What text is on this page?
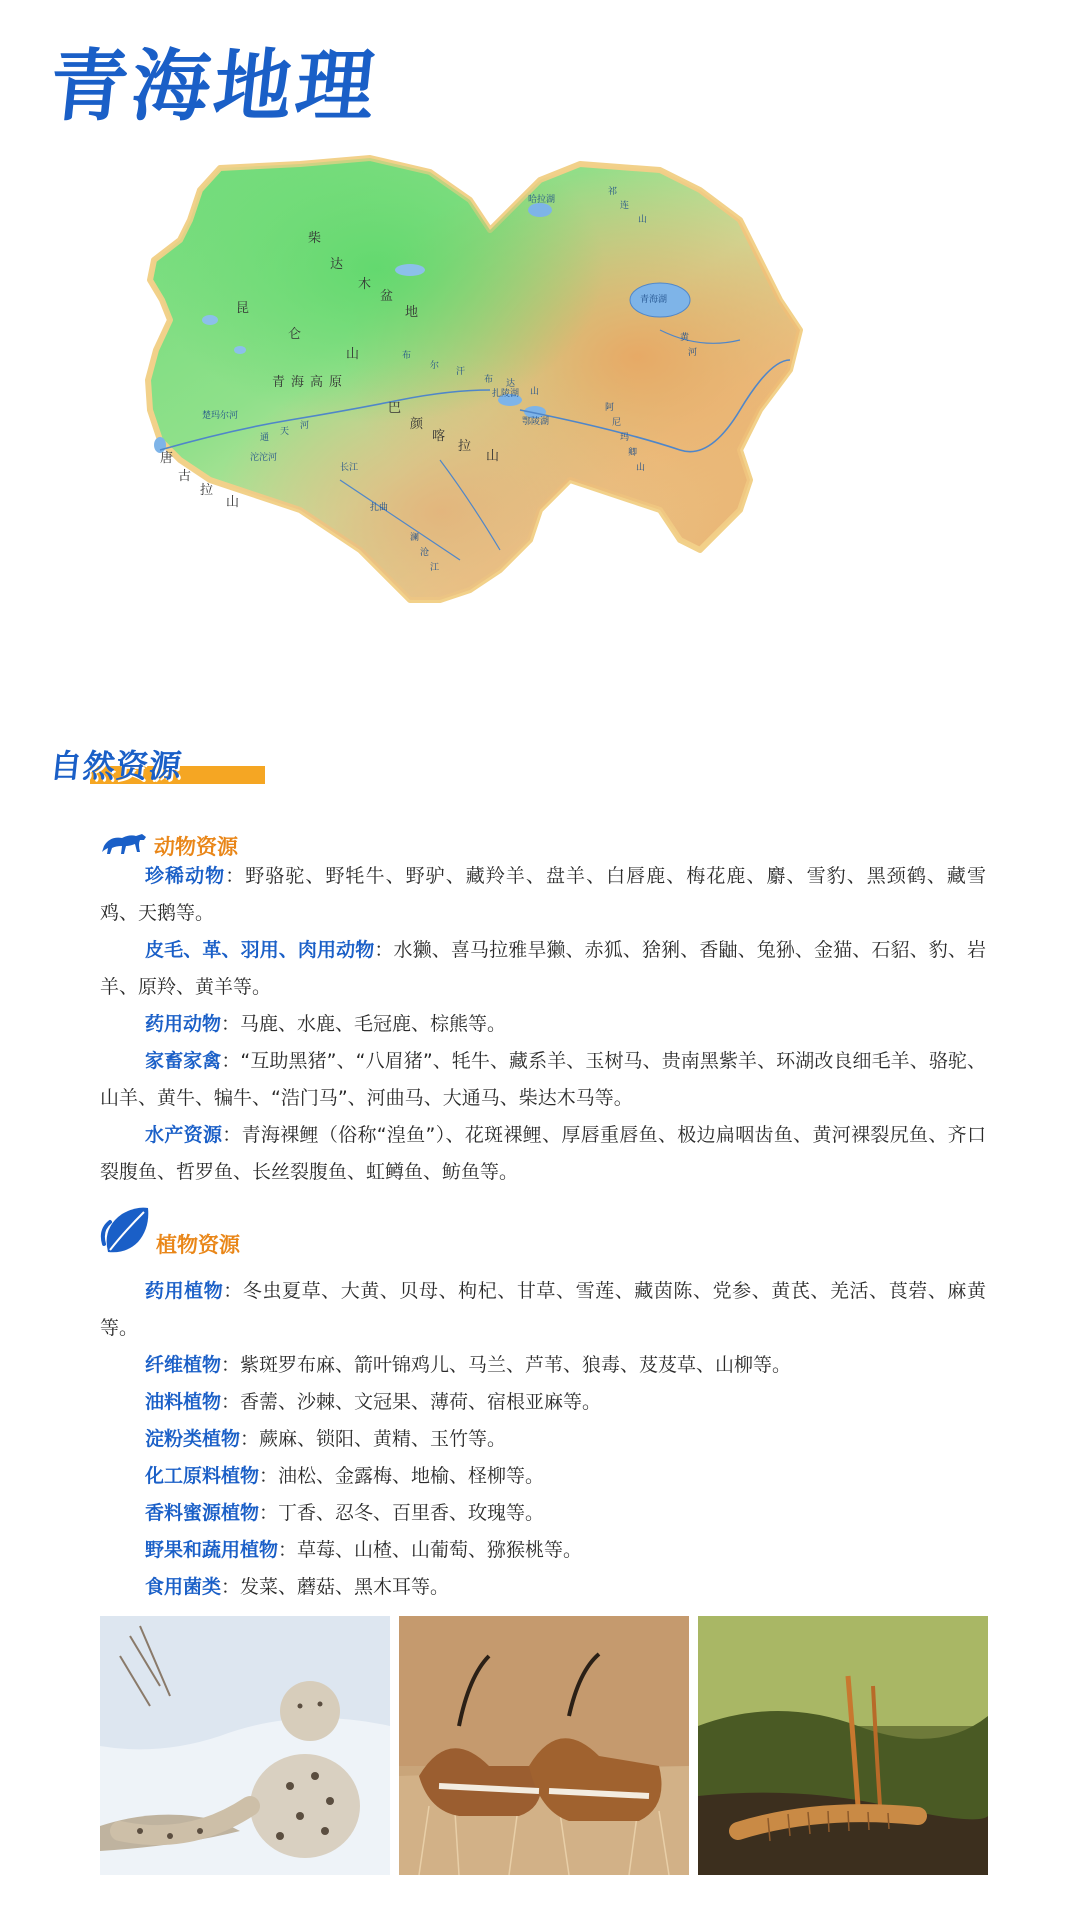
青海地理
柴
达
木
盆
地
昆
仑
山
青海高原
布
尔
汗
布 达
山
巴
颜
喀
拉
山
唐
古
拉
山
祁
连
山
青海湖
阿
尼
玛
卿
山
黄
河
通
天
河
澜
沧
江
哈拉湖
扎陵湖
鄂陵湖
楚玛尔河
沱沱河
长江
扎曲
自然资源
动物资源

珍稀动物：野骆驼、野牦牛、野驴、藏羚羊、盘羊、白唇鹿、梅花鹿、麝、雪豹、黑颈鹤、藏雪　　鸡、天鹅等。

皮毛、革、羽用、肉用动物：水獭、喜马拉雅旱獭、赤狐、猞猁、香鼬、兔狲、金猫、石貂、豹、岩羊、原羚、黄羊等。

药用动物：马鹿、水鹿、毛冠鹿、棕熊等。

家畜家禽：“互助黑猪”、“八眉猪”、牦牛、藏系羊、玉树马、贵南黑紫羊、环湖改良细毛羊、骆驼、山羊、黄牛、犏牛、“浩门马”、河曲马、大通马、柴达木马等。

水产资源：青海裸鲤（俗称“湟鱼”）、花斑裸鲤、厚唇重唇鱼、极边扁咽齿鱼、黄河裸裂尻鱼、齐口裂腹鱼、哲罗鱼、长丝裂腹鱼、虹鳟鱼、鲂鱼等。

植物资源

药用植物：冬虫夏草、大黄、贝母、枸杞、甘草、雪莲、藏茵陈、党参、黄芪、羌活、莨菪、麻黄等。

纤维植物：紫斑罗布麻、箭叶锦鸡儿、马兰、芦苇、狼毒、芨芨草、山柳等。

油料植物：香薷、沙棘、文冠果、薄荷、宿根亚麻等。

淀粉类植物：蕨麻、锁阳、黄精、玉竹等。

化工原料植物：油松、金露梅、地榆、柽柳等。

香料蜜源植物：丁香、忍冬、百里香、玫瑰等。

野果和蔬用植物：草莓、山楂、山葡萄、猕猴桃等。

食用菌类：发菜、蘑菇、黑木耳等。
